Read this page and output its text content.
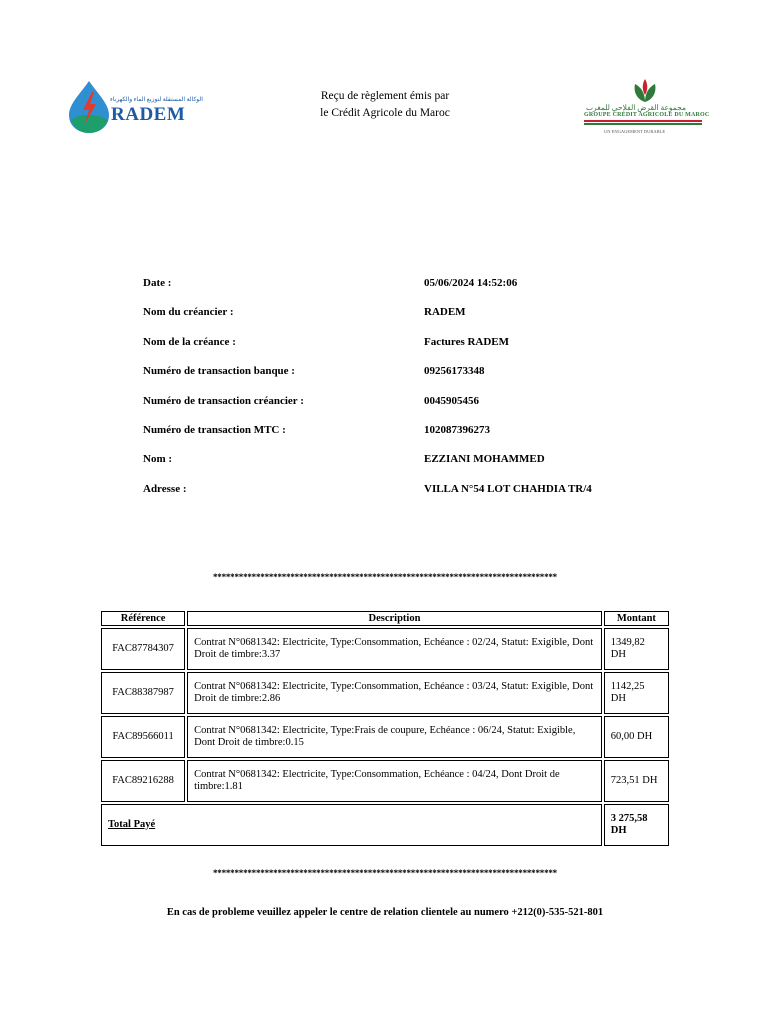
الوكالة المستقلة لتوزيع الماء والكهرباء
RADEM
Reçu de règlement émis par
le Crédit Agricole du Maroc	مجموعة القرض الفلاحي للمغرب
GROUPE CRÉDIT AGRICOLE DU MAROC
UN ENGAGEMENT DURABLE
Date :	05/06/2024 14:52:06
Nom du créancier :	RADEM
Nom de la créance :	Factures RADEM
Numéro de transaction banque :	09256173348
Numéro de transaction créancier :	0045905456
Numéro de transaction MTC :	102087396273
Nom :	EZZIANI MOHAMMED
Adresse :	VILLA N°54 LOT CHAHDIA TR/4
********************************************************************************
Référence	Description	Montant
FAC87784307	Contrat N°0681342: Electricite, Type:Consommation, Echéance : 02/24, Statut: Exigible, Dont Droit de timbre:3.37	1349,82 DH
FAC88387987	Contrat N°0681342: Electricite, Type:Consommation, Echéance : 03/24, Statut: Exigible, Dont Droit de timbre:2.86	1142,25 DH
FAC89566011	Contrat N°0681342: Electricite, Type:Frais de coupure, Echéance : 06/24, Statut: Exigible, Dont Droit de timbre:0.15	60,00 DH
FAC89216288	Contrat N°0681342: Electricite, Type:Consommation, Echéance : 04/24, Dont Droit de timbre:1.81	723,51 DH
Total Payé		3 275,58 DH
********************************************************************************
En cas de probleme veuillez appeler le centre de relation clientele au numero +212(0)-535-521-801
